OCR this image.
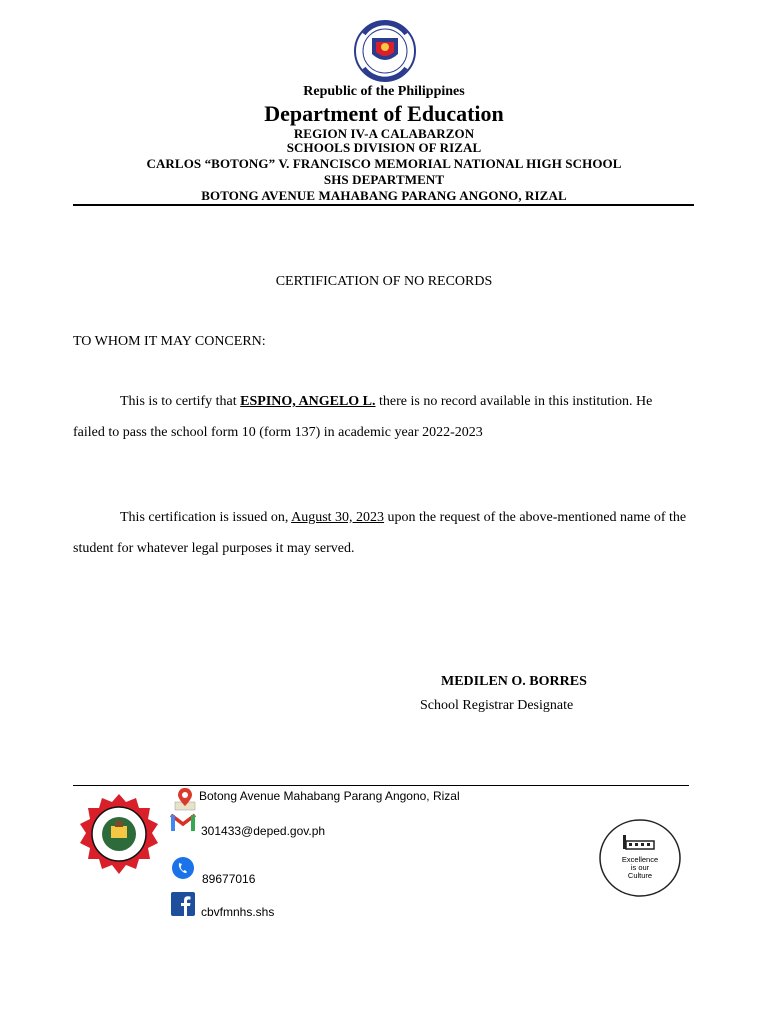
Republic of the Philippines
Department of Education
REGION IV-A CALABARZON
SCHOOLS DIVISION OF RIZAL
CARLOS “BOTONG” V. FRANCISCO MEMORIAL NATIONAL HIGH SCHOOL
SHS DEPARTMENT
BOTONG AVENUE MAHABANG PARANG ANGONO, RIZAL
CERTIFICATION OF NO RECORDS
TO WHOM IT MAY CONCERN:
This is to certify that ESPINO, ANGELO L. there is no record available in this institution. He
failed to pass the school form 10 (form 137) in academic year 2022-2023
This certification is issued on, August 30, 2023 upon the request of the above-mentioned name of the
student for whatever legal purposes it may served.
MEDILEN O. BORRES
School Registrar Designate
Botong Avenue Mahabang Parang Angono, Rizal
301433@deped.gov.ph
89677016
cbvfmnhs.shs
Excellence
is our
Culture
